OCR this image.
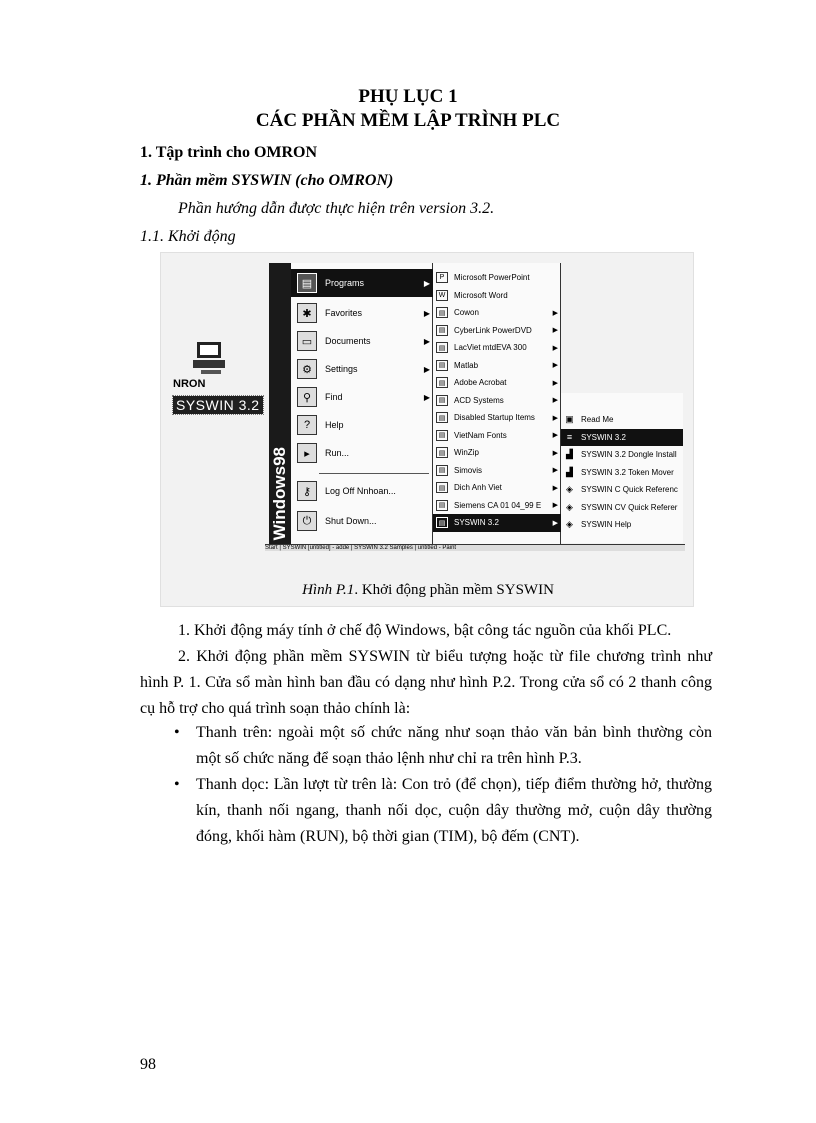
PHỤ LỤC 1
CÁC PHẦN MỀM LẬP TRÌNH PLC
1. Tập trình cho OMRON
1. Phần mềm SYSWIN (cho OMRON)
Phần hướng dẫn được thực hiện trên version 3.2.
1.1. Khởi động
NRON
SYSWIN 3.2
Windows98
▤	Programs	▶
✱	Favorites	▶
▭	Documents	▶
⚙	Settings	▶
⚲	Find	▶
?	Help
▸	Run...
⚷	Log Off Nnhoan...
⏻	Shut Down...
P	Microsoft PowerPoint
W	Microsoft Word
▤	Cowon	▶
▤	CyberLink PowerDVD	▶
▤	LacViet mtdEVA 300	▶
▤	Matlab	▶
▤	Adobe Acrobat	▶
▤	ACD Systems	▶
▤	Disabled Startup Items	▶
▤	VietNam Fonts	▶
▤	WinZip	▶
▤	Simovis	▶
▤	Dich Anh Viet	▶
▤	Siemens CA 01 04_99 E ▶
▤	SYSWIN 3.2	▶
▣ Read Me
≡	SYSWIN 3.2
▟ SYSWIN 3.2 Dongle Install
▟ SYSWIN 3.2 Token Mover
◈ SYSWIN C Quick Referenc
◈ SYSWIN CV Quick Referer
◈ SYSWIN Help
Start | SYSWIN [untitled] - adde | SYSWIN 3.2 Samples | untitled - Paint
Hình P.1. Khởi động phần mềm SYSWIN
1. Khởi động máy tính ở chế độ Windows, bật công tác nguồn của khối PLC.
2. Khởi động phần mềm SYSWIN từ biểu tượng hoặc từ file chương trình như hình P. 1. Cửa sổ màn hình ban đầu có dạng như hình P.2. Trong cửa sổ có 2 thanh công cụ hỗ trợ cho quá trình soạn thảo chính là:
• Thanh trên: ngoài một số chức năng như soạn thảo văn bản bình thường còn một số chức năng để soạn thảo lệnh như chỉ ra trên hình P.3.
• Thanh dọc: Lần lượt từ trên là: Con trỏ (để chọn), tiếp điểm thường hở, thường kín, thanh nối ngang, thanh nối dọc, cuộn dây thường mở, cuộn dây thường đóng, khối hàm (RUN), bộ thời gian (TIM), bộ đếm (CNT).
98
